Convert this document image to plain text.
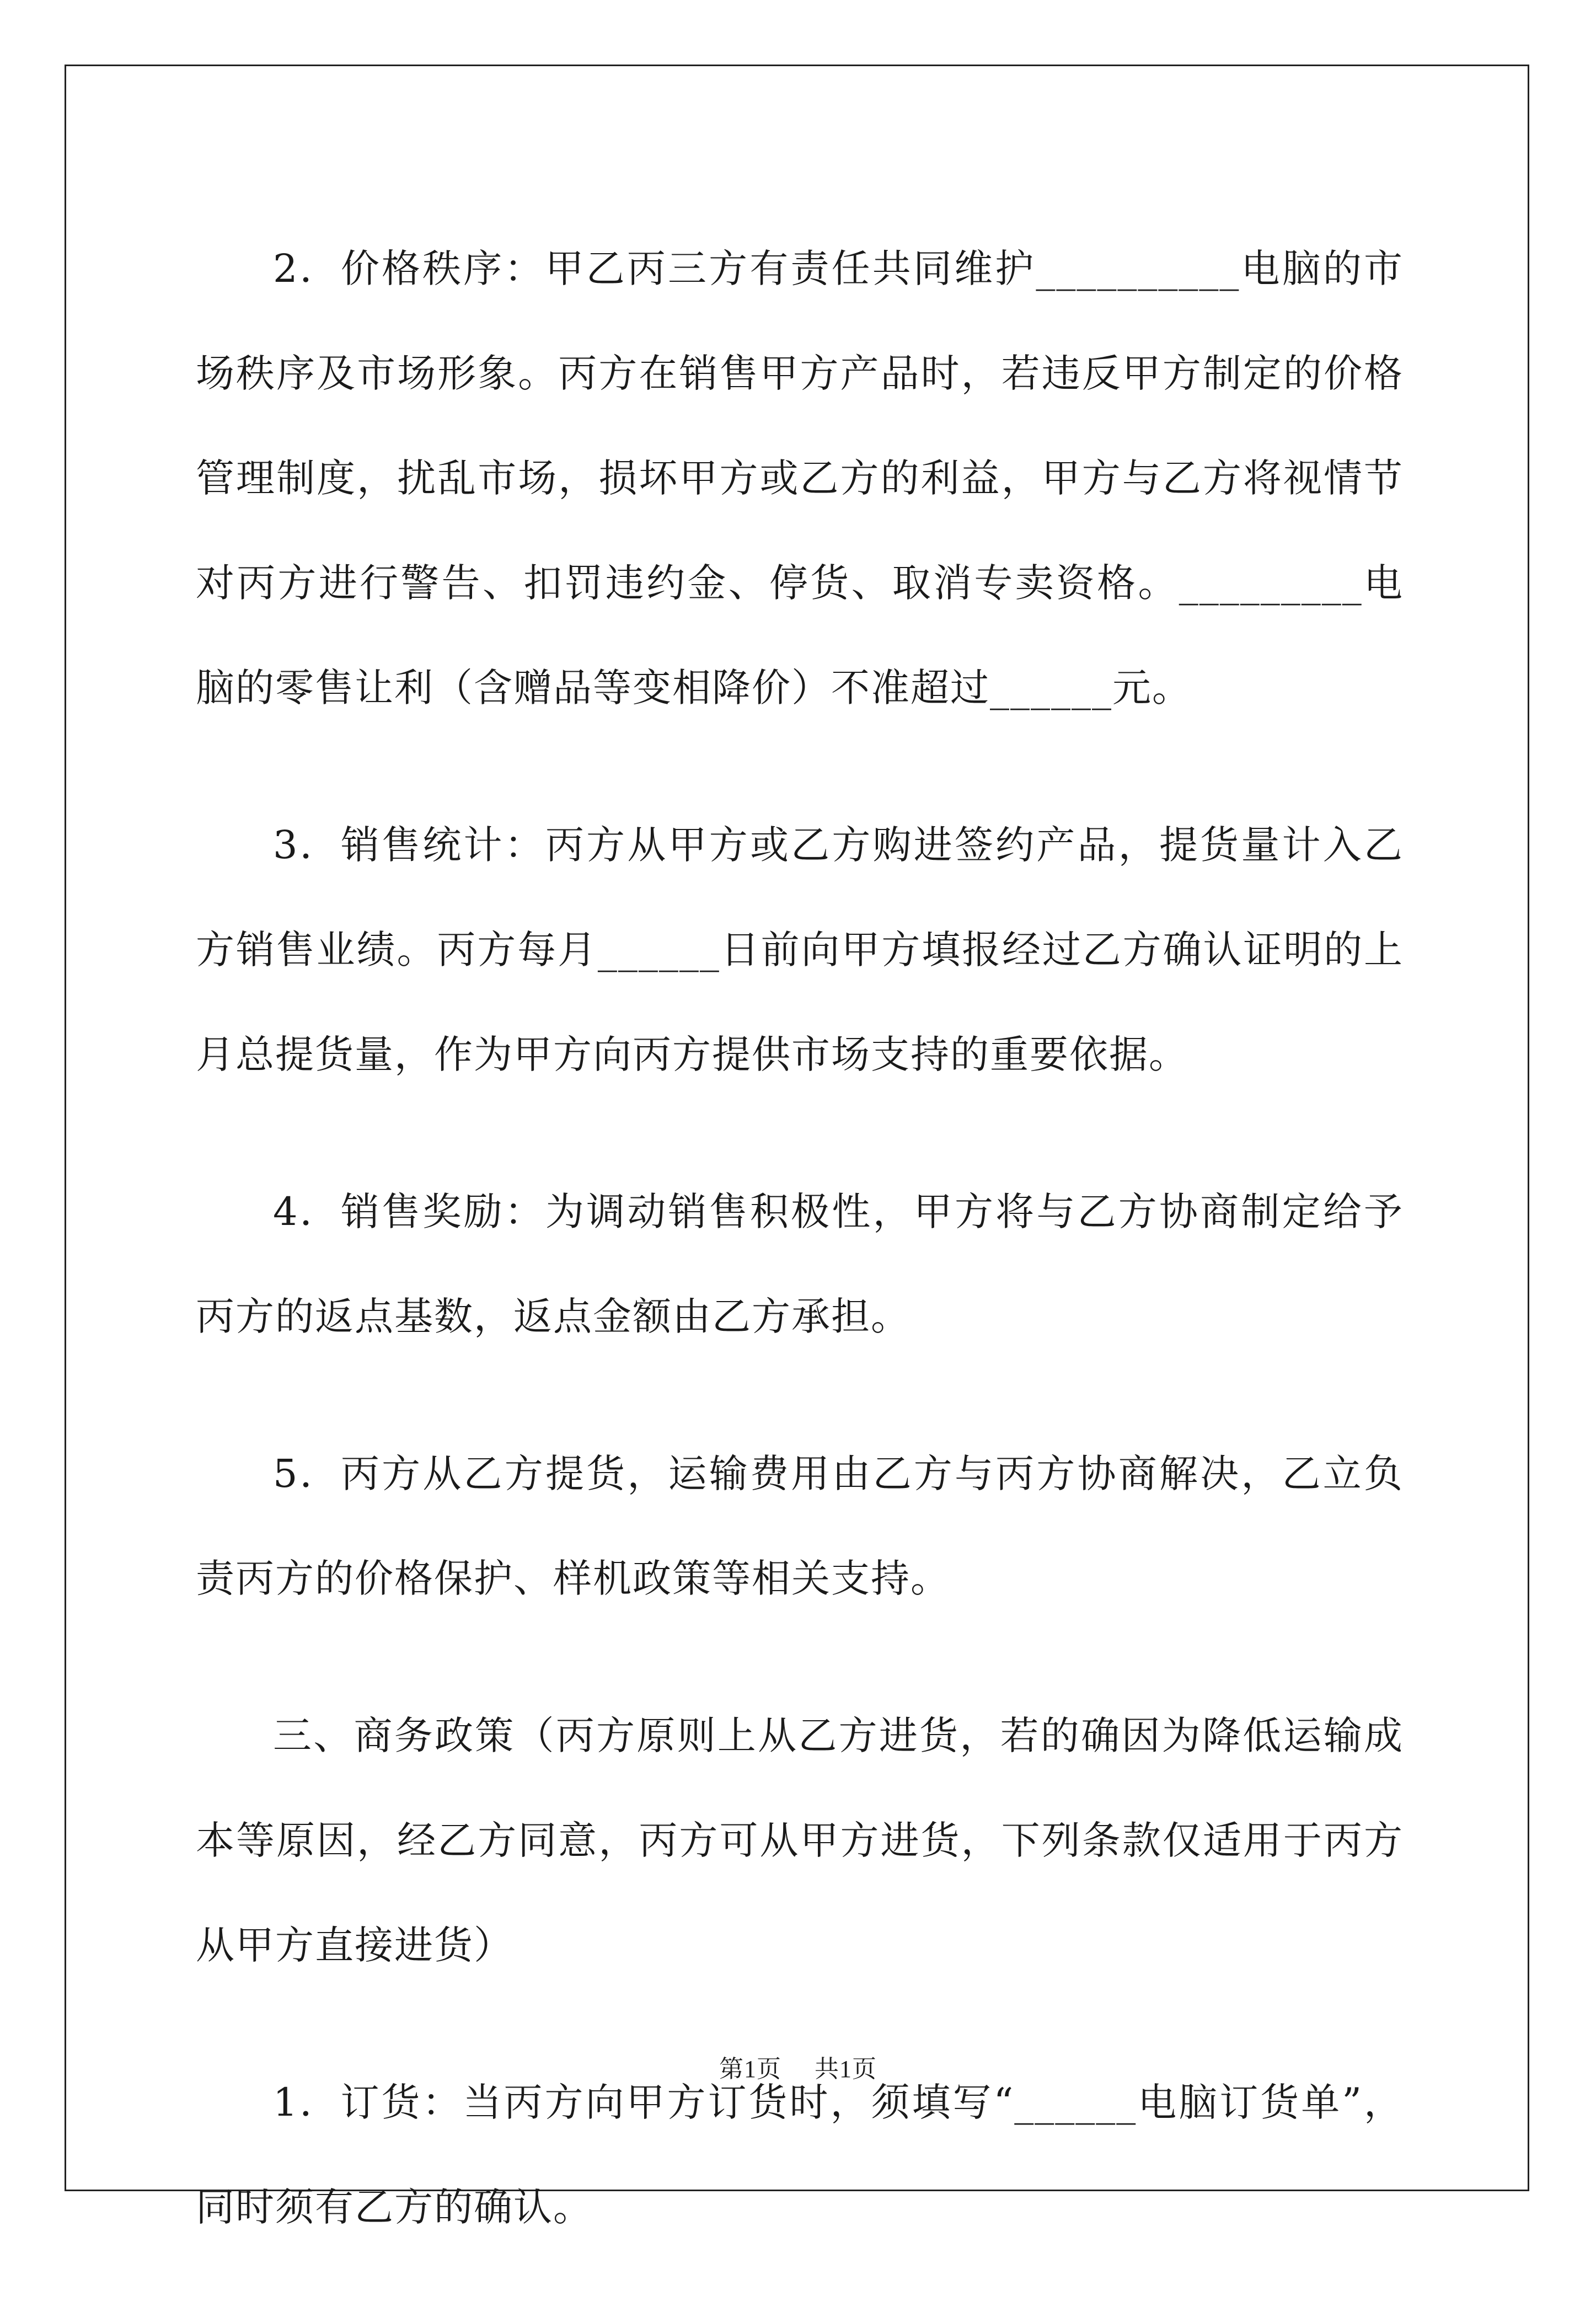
2．价格秩序：甲乙丙三方有责任共同维护__________电脑的市场秩序及市场形象。丙方在销售甲方产品时，若违反甲方制定的价格管理制度，扰乱市场，损坏甲方或乙方的利益，甲方与乙方将视情节对丙方进行警告、扣罚违约金、停货、取消专卖资格。_________电脑的零售让利（含赠品等变相降价）不准超过______元。

3．销售统计：丙方从甲方或乙方购进签约产品，提货量计入乙方销售业绩。丙方每月______日前向甲方填报经过乙方确认证明的上月总提货量，作为甲方向丙方提供市场支持的重要依据。

4．销售奖励：为调动销售积极性，甲方将与乙方协商制定给予丙方的返点基数，返点金额由乙方承担。

5．丙方从乙方提货，运输费用由乙方与丙方协商解决，乙立负责丙方的价格保护、样机政策等相关支持。

三、商务政策（丙方原则上从乙方进货，若的确因为降低运输成本等原因，经乙方同意，丙方可从甲方进货，下列条款仅适用于丙方从甲方直接进货）

1．订货：当丙方向甲方订货时，须填写“______电脑订货单”，同时须有乙方的确认。

第1页 共1页
